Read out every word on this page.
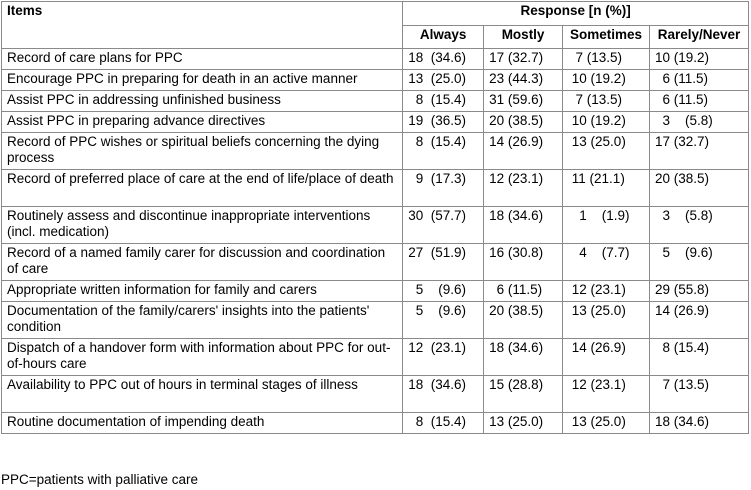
Items	Response [n (%)]			
	Always	Mostly	Sometimes	Rarely/Never
Record of care plans for PPC	18  (34.6)	17 (32.7)	7 (13.5)	10 (19.2)
Encourage PPC in preparing for death in an active manner	13  (25.0)	23 (44.3)	10 (19.2)	6 (11.5)
Assist PPC in addressing unfinished business	8  (15.4)	31 (59.6)	7 (13.5)	6 (11.5)
Assist PPC in preparing advance directives	19  (36.5)	20 (38.5)	10 (19.2)	3    (5.8)
Record of PPC wishes or spiritual beliefs concerning the dying process	8  (15.4)	14 (26.9)	13 (25.0)	17 (32.7)
Record of preferred place of care at the end of life/place of death	9  (17.3)	12 (23.1)	11 (21.1)	20 (38.5)
Routinely assess and discontinue inappropriate interventions (incl. medication)	30  (57.7)	18 (34.6)	1    (1.9)	3    (5.8)
Record of a named family carer for discussion and coordination of care	27  (51.9)	16 (30.8)	4    (7.7)	5    (9.6)
Appropriate written information for family and carers	5    (9.6)	6 (11.5)	12 (23.1)	29 (55.8)
Documentation of the family/carers' insights into the patients' condition	5    (9.6)	20 (38.5)	13 (25.0)	14 (26.9)
Dispatch of a handover form with information about PPC for out-of-hours care	12  (23.1)	18 (34.6)	14 (26.9)	8 (15.4)
Availability to PPC out of hours in terminal stages of illness	18  (34.6)	15 (28.8)	12 (23.1)	7 (13.5)
Routine documentation of impending death	8  (15.4)	13 (25.0)	13 (25.0)	18 (34.6)
PPC=patients with palliative care
